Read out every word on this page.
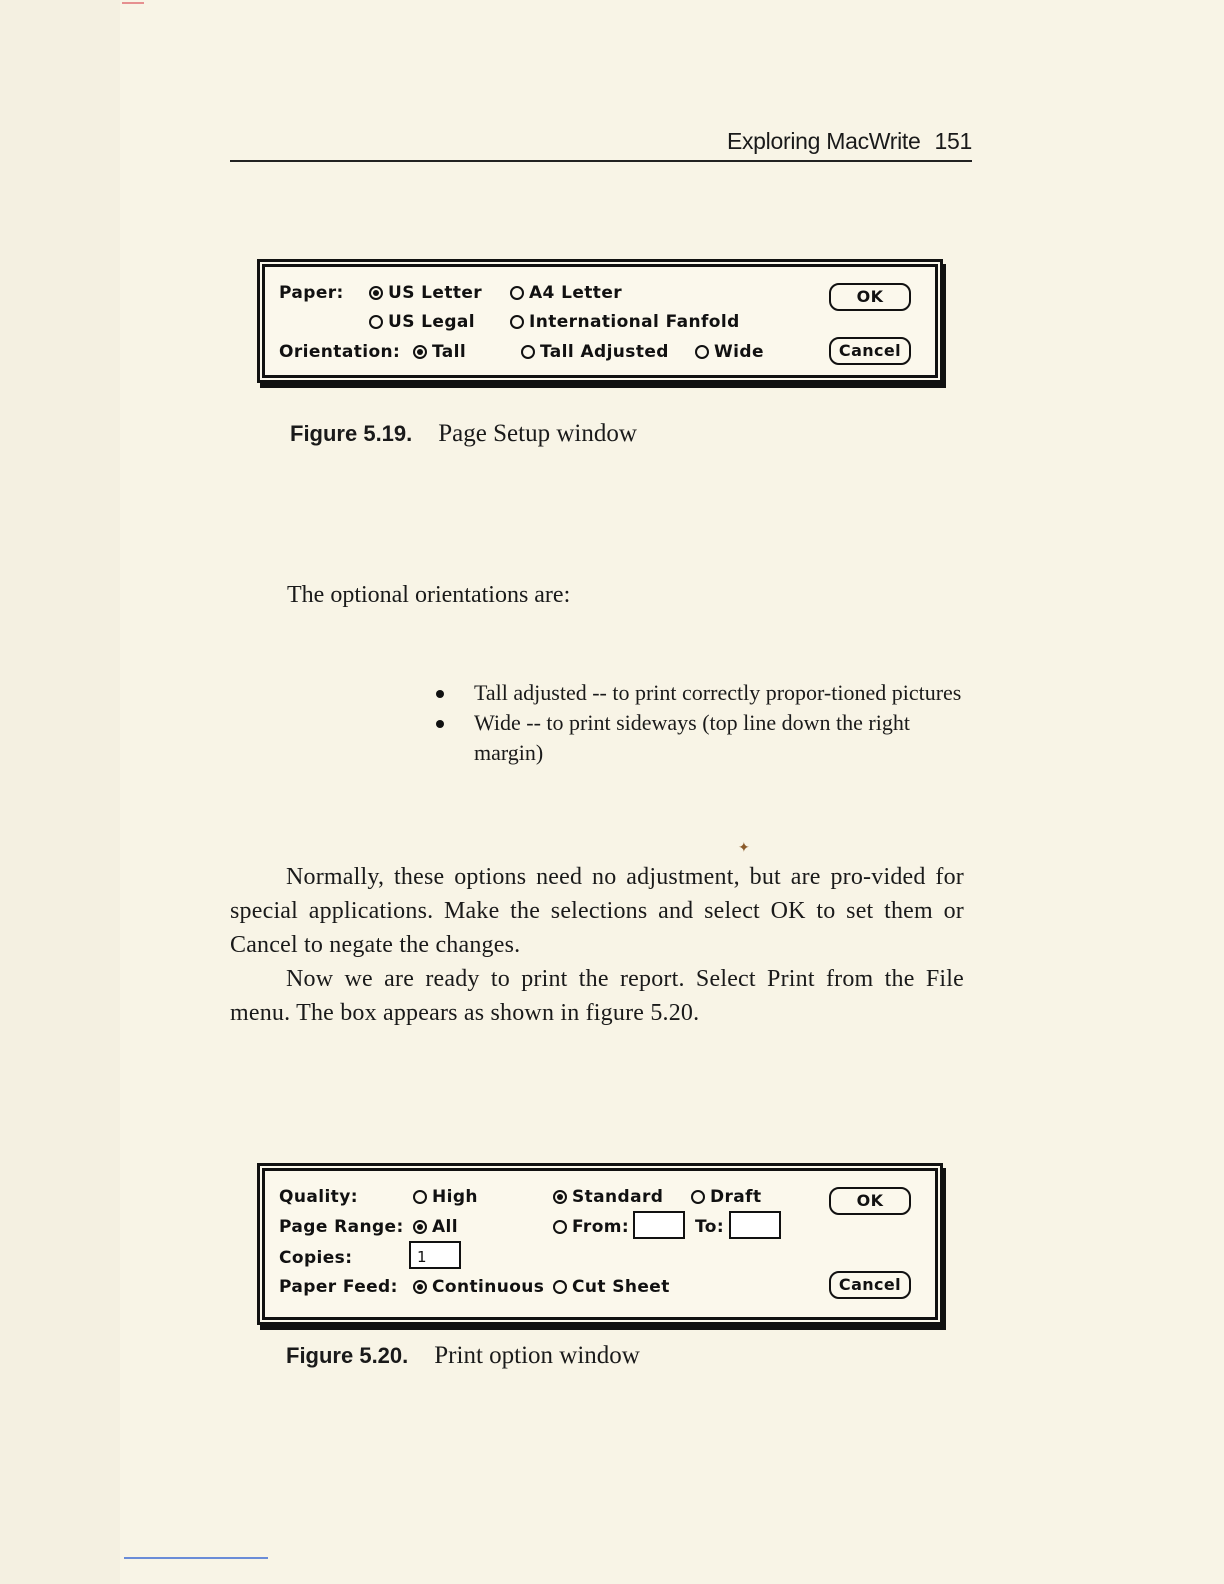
Exploring MacWrite 151
Paper:	US Letter	A4 Letter
US Legal	International Fanfold
Orientation:	Tall	Tall Adjusted	Wide
OK
Cancel
Figure 5.19. Page Setup window
The optional orientations are:
Tall adjusted -- to print correctly propor-tioned pictures
Wide -- to print sideways (top line down the right margin)
✦

Normally, these options need no adjustment, but are pro-vided for special applications. Make the selections and select OK to set them or Cancel to negate the changes.

Now we are ready to print the report. Select Print from the File menu. The box appears as shown in figure 5.20.

Quality:	High	Standard	Draft
Page Range:	All	From:	To:
Copies:	1
Paper Feed:	Continuous	Cut Sheet
OK
Cancel
Figure 5.20. Print option window
